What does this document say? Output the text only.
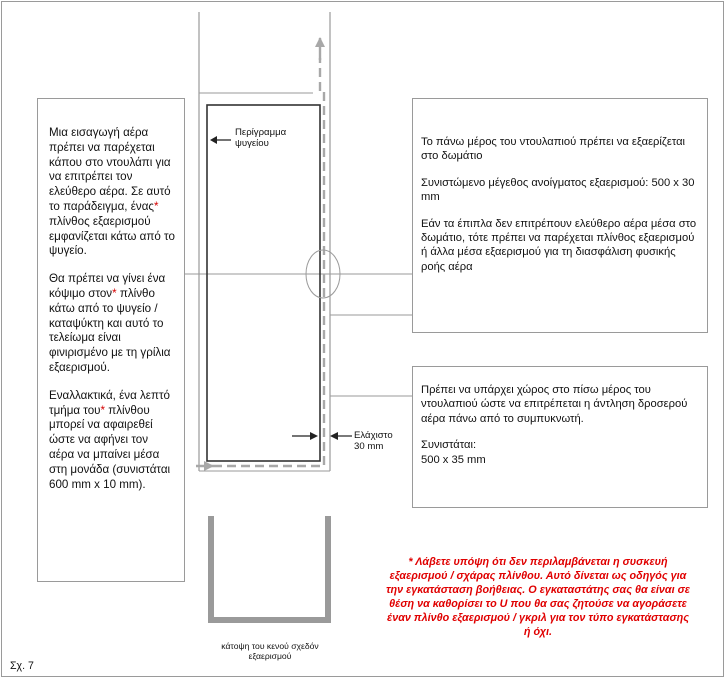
Μια εισαγωγή αέρα πρέπει να παρέχεται κάπου στο ντουλάπι για να επιτρέπει τον ελεύθερο αέρα. Σε αυτό το παράδειγμα, ένας* πλίνθος εξαερισμού εμφανίζεται κάτω από το ψυγείο.

Θα πρέπει να γίνει ένα κόψιμο στον* πλίνθο κάτω από το ψυγείο / καταψύκτη και αυτό το τελείωμα είναι φινιρισμένο με τη γρίλια εξαερισμού.

Εναλλακτικά, ένα λεπτό τμήμα του* πλίνθου μπορεί να αφαιρεθεί ώστε να αφήνει τον αέρα να μπαίνει μέσα στη μονάδα (συνιστάται 600 mm x 10 mm).

Το πάνω μέρος του ντουλαπιού πρέπει να εξαερίζεται στο δωμάτιο

Συνιστώμενο μέγεθος ανοίγματος εξαερισμού: 500 x 30 mm

Εάν τα έπιπλα δεν επιτρέπουν ελεύθερο αέρα μέσα στο δωμάτιο, τότε πρέπει να παρέχεται πλίνθος εξαερισμού ή άλλα μέσα εξαερισμού για τη διασφάλιση φυσικής ροής αέρα

Πρέπει να υπάρχει χώρος στο πίσω μέρος του ντουλαπιού ώστε να επιτρέπεται η άντληση δροσερού αέρα πάνω από το συμπυκνωτή.

Συνιστάται:

500 x 35 mm

Περίγραμμα
ψυγείου
Ελάχιστο
30 mm
κάτοψη του κενού σχεδόν
εξαερισμού
* Λάβετε υπόψη ότι δεν περιλαμβάνεται η συσκευή εξαερισμού / σχάρας πλίνθου. Αυτό δίνεται ως οδηγός για την εγκατάσταση βοήθειας. Ο εγκαταστάτης σας θα είναι σε θέση να καθορίσει το U που θα σας ζητούσε να αγοράσετε έναν πλίνθο εξαερισμού / γκριλ για τον τύπο εγκατάστασης ή όχι.
Σχ. 7
